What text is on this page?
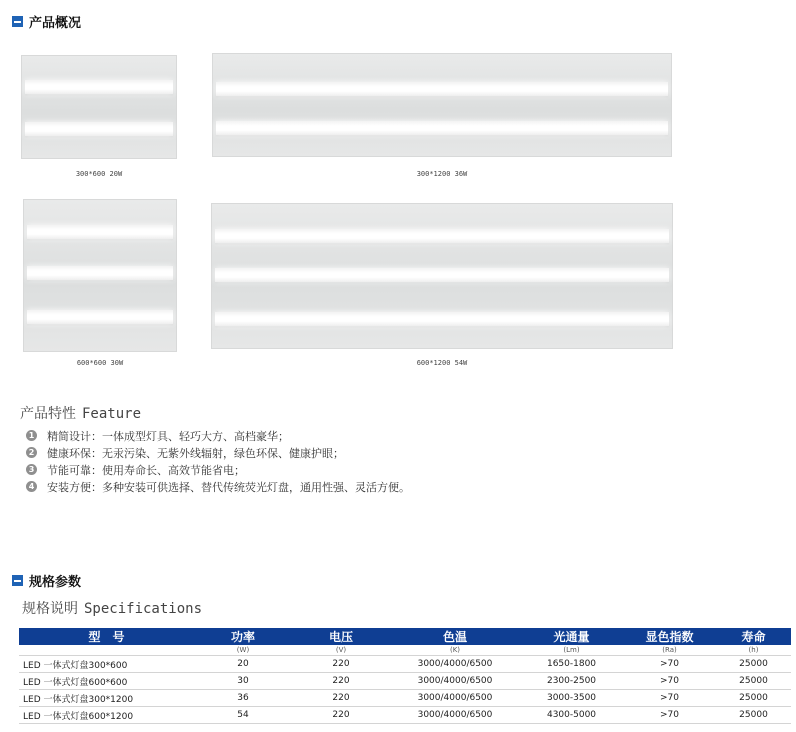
产品概况
300*600 20W	300*1200 36W
600*600 30W	600*1200 54W
产品特性 Feature
1 精简设计：一体成型灯具、轻巧大方、高档豪华；
2 健康环保：无汞污染、无紫外线辐射，绿色环保、健康护眼；
3 节能可靠：使用寿命长、高效节能省电；
4 安装方便：多种安装可供选择、替代传统荧光灯盘，通用性强、灵活方便。
规格参数
规格说明 Specifications
型　号	功率	电压	色温	光通量	显色指数	寿命
	(W)	(V)	(K)	(Lm)	(Ra)	(h)
LED 一体式灯盘300*600	20	220	3000/4000/6500	1650-1800	>70	25000
LED 一体式灯盘600*600	30	220	3000/4000/6500	2300-2500	>70	25000
LED 一体式灯盘300*1200	36	220	3000/4000/6500	3000-3500	>70	25000
LED 一体式灯盘600*1200	54	220	3000/4000/6500	4300-5000	>70	25000
